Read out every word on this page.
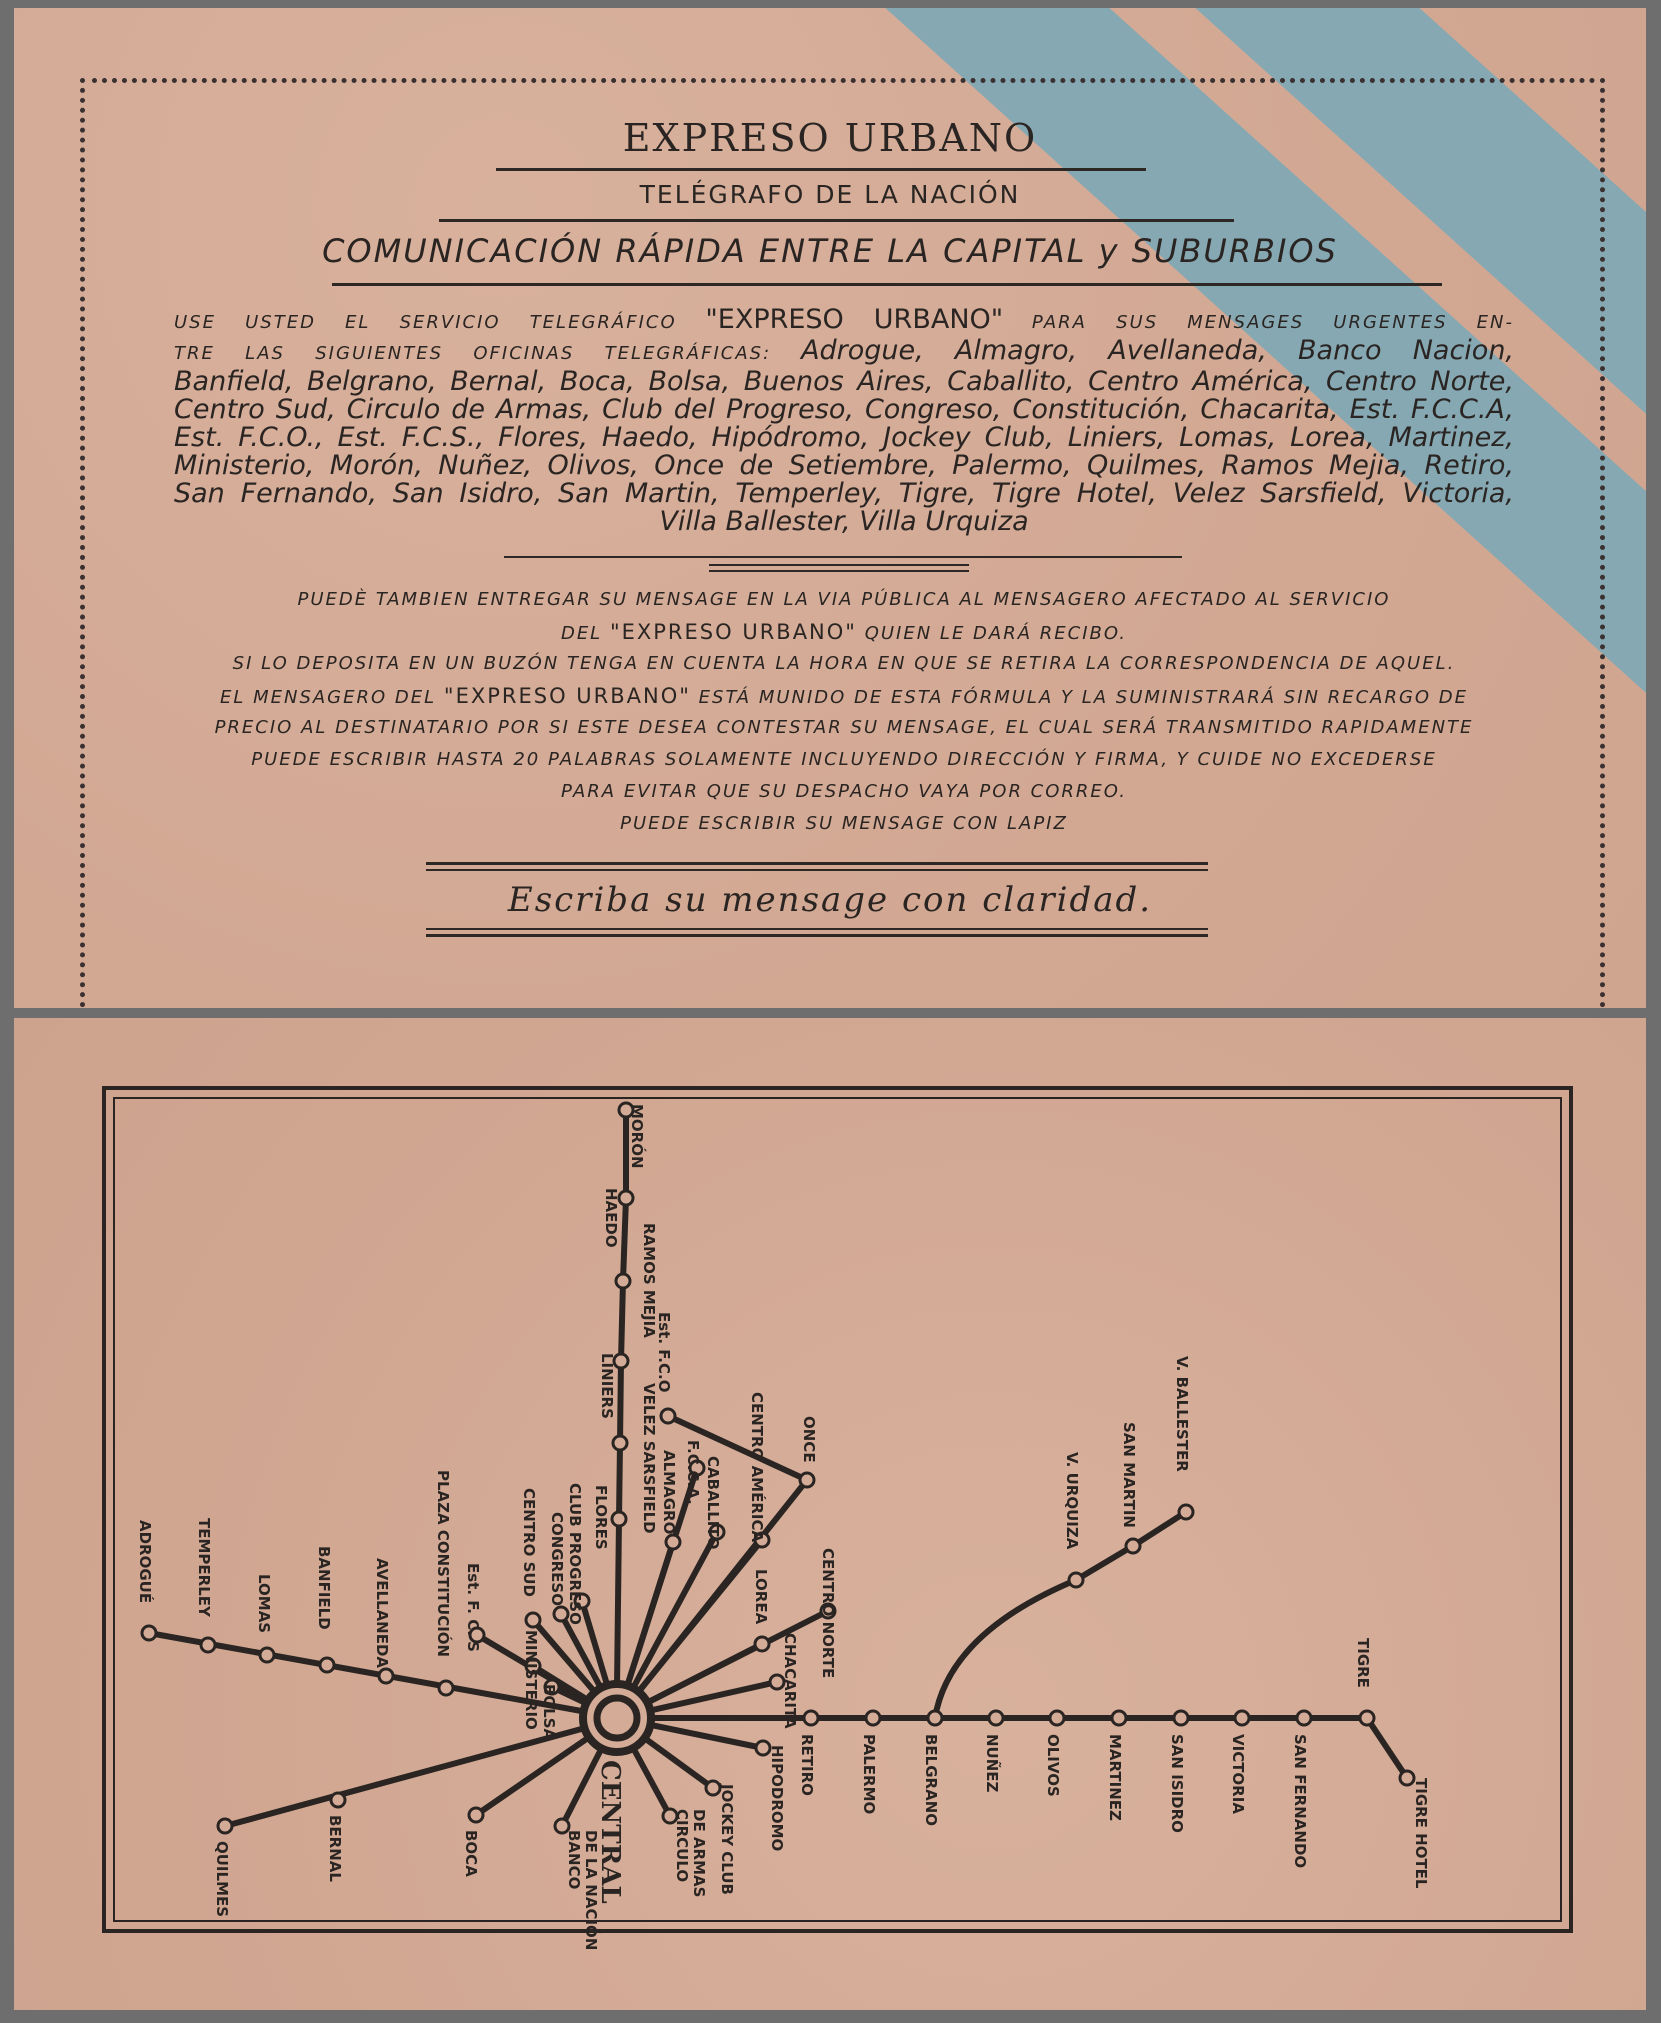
EXPRESO URBANO
TELÉGRAFO DE LA NACIÓN
COMUNICACIÓN RÁPIDA ENTRE LA CAPITAL y SUBURBIOS
USE USTED EL SERVICIO TELEGRÁFICO "EXPRESO URBANO" PARA SUS MENSAGES URGENTES EN-
TRE LAS SIGUIENTES OFICINAS TELEGRÁFICAS: Adrogue, Almagro, Avellaneda, Banco Nacion,
Banfield, Belgrano, Bernal, Boca, Bolsa, Buenos Aires, Caballito, Centro América, Centro Norte,
Centro Sud, Circulo de Armas, Club del Progreso, Congreso, Constitución, Chacarita, Est. F.C.C.A,
Est. F.C.O., Est. F.C.S., Flores, Haedo, Hipódromo, Jockey Club, Liniers, Lomas, Lorea, Martinez,
Ministerio, Morón, Nuñez, Olivos, Once de Setiembre, Palermo, Quilmes, Ramos Mejia, Retiro,
San Fernando, San Isidro, San Martin, Temperley, Tigre, Tigre Hotel, Velez Sarsfield, Victoria,
Villa Ballester, Villa Urquiza
PUEDÈ TAMBIEN ENTREGAR SU MENSAGE EN LA VIA PÚBLICA AL MENSAGERO AFECTADO AL SERVICIO
DEL "EXPRESO URBANO" QUIEN LE DARÁ RECIBO.
SI LO DEPOSITA EN UN BUZÓN TENGA EN CUENTA LA HORA EN QUE SE RETIRA LA CORRESPONDENCIA DE AQUEL.
EL MENSAGERO DEL "EXPRESO URBANO" ESTÁ MUNIDO DE ESTA FÓRMULA Y LA SUMINISTRARÁ SIN RECARGO DE
PRECIO AL DESTINATARIO POR SI ESTE DESEA CONTESTAR SU MENSAGE, EL CUAL SERÁ TRANSMITIDO RAPIDAMENTE
PUEDE ESCRIBIR HASTA 20 PALABRAS SOLAMENTE INCLUYENDO DIRECCIÓN Y FIRMA, Y CUIDE NO EXCEDERSE
PARA EVITAR QUE SU DESPACHO VAYA POR CORREO.
PUEDE ESCRIBIR SU MENSAGE CON LAPIZ
Escriba su mensage con claridad.
MORÓN
HAEDO
RAMOS MEJIA
LINIERS VELEZ SARSFIELD
FLORES
CLUB PROGRESO
Est. F.C.O
ONCE
CENTRO AMÉRICA
F.C.C.A.
ALMAGRO CABALLITO
CONGRESO
CENTRO SUD
Est. F. C. S
PLAZA CONSTITUCIÓN
AVELLANEDA
BANFIELD
LOMAS
TEMPERLEY
ADROGUÉ
MINISTERIO BOLSA
LOREA	CENTRO NORTE
CHACARITA
RETIRO	PALERMO	BELGRANO	NUÑEZ	OLIVOS	MARTINEZ	SAN ISIDRO	VICTORIA	SAN FERNANDO
TIGRE
TIGRE HOTEL
V. URQUIZA	SAN MARTIN
V. BALLESTER
HIPODROMO
JOCKEY CLUB
CIRCULO
BANCO
BOCA
BERNAL
QUILMES	DE ARMAS
DE LA NACIÓN
CENTRAL
